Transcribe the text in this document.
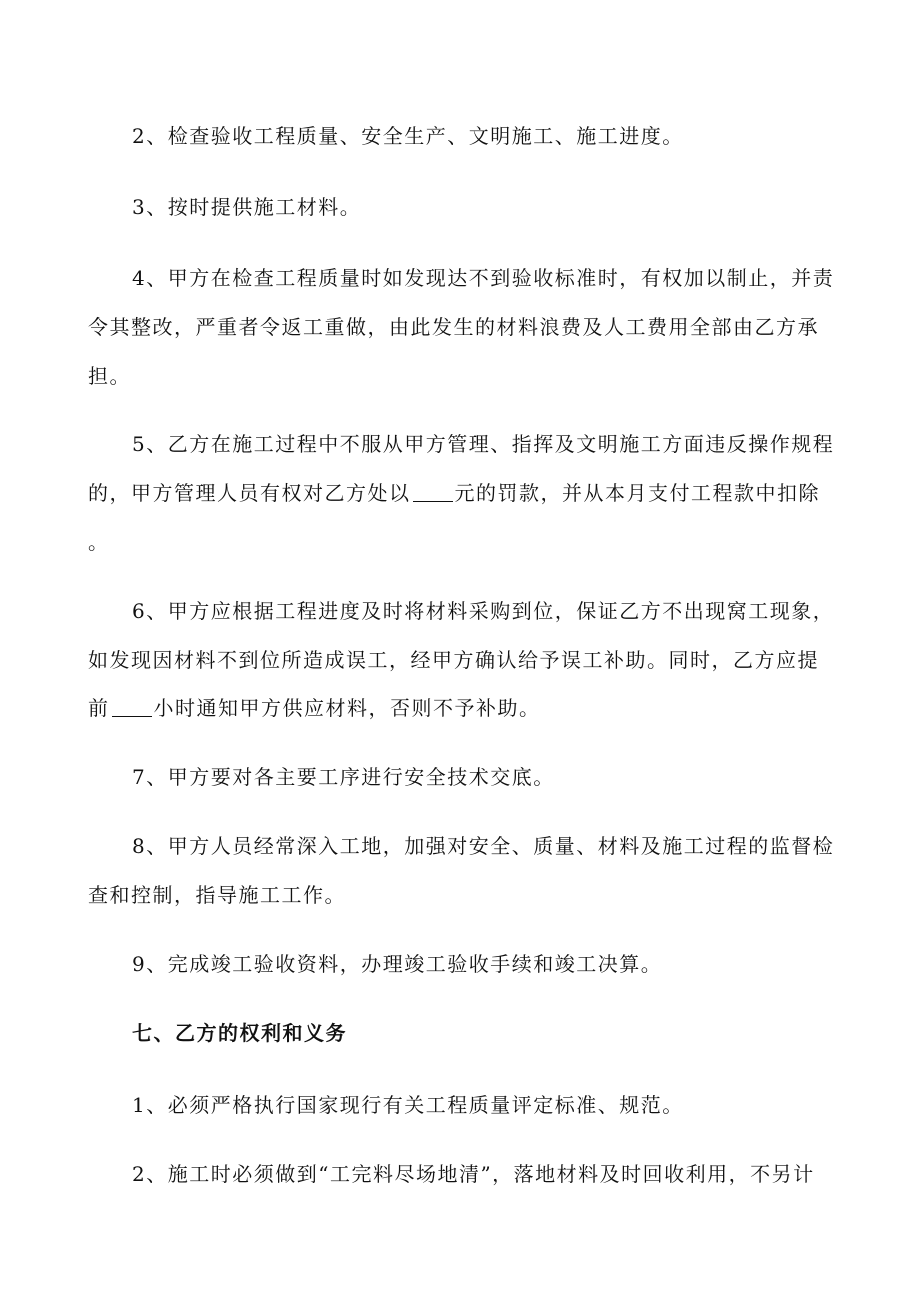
2、检查验收工程质量、安全生产、文明施工、施工进度。
3、按时提供施工材料。
4、甲方在检查工程质量时如发现达不到验收标准时，有权加以制止，并责
令其整改，严重者令返工重做，由此发生的材料浪费及人工费用全部由乙方承
担。
5、乙方在施工过程中不服从甲方管理、指挥及文明施工方面违反操作规程
的，甲方管理人员有权对乙方处以 元的罚款，并从本月支付工程款中扣除
。
6、甲方应根据工程进度及时将材料采购到位，保证乙方不出现窝工现象，
如发现因材料不到位所造成误工，经甲方确认给予误工补助。同时，乙方应提
前 小时通知甲方供应材料，否则不予补助。
7、甲方要对各主要工序进行安全技术交底。
8、甲方人员经常深入工地，加强对安全、质量、材料及施工过程的监督检
查和控制，指导施工工作。
9、完成竣工验收资料，办理竣工验收手续和竣工决算。
七、乙方的权利和义务
1、必须严格执行国家现行有关工程质量评定标准、规范。
2、施工时必须做到“工完料尽场地清”，落地材料及时回收利用，不另计
